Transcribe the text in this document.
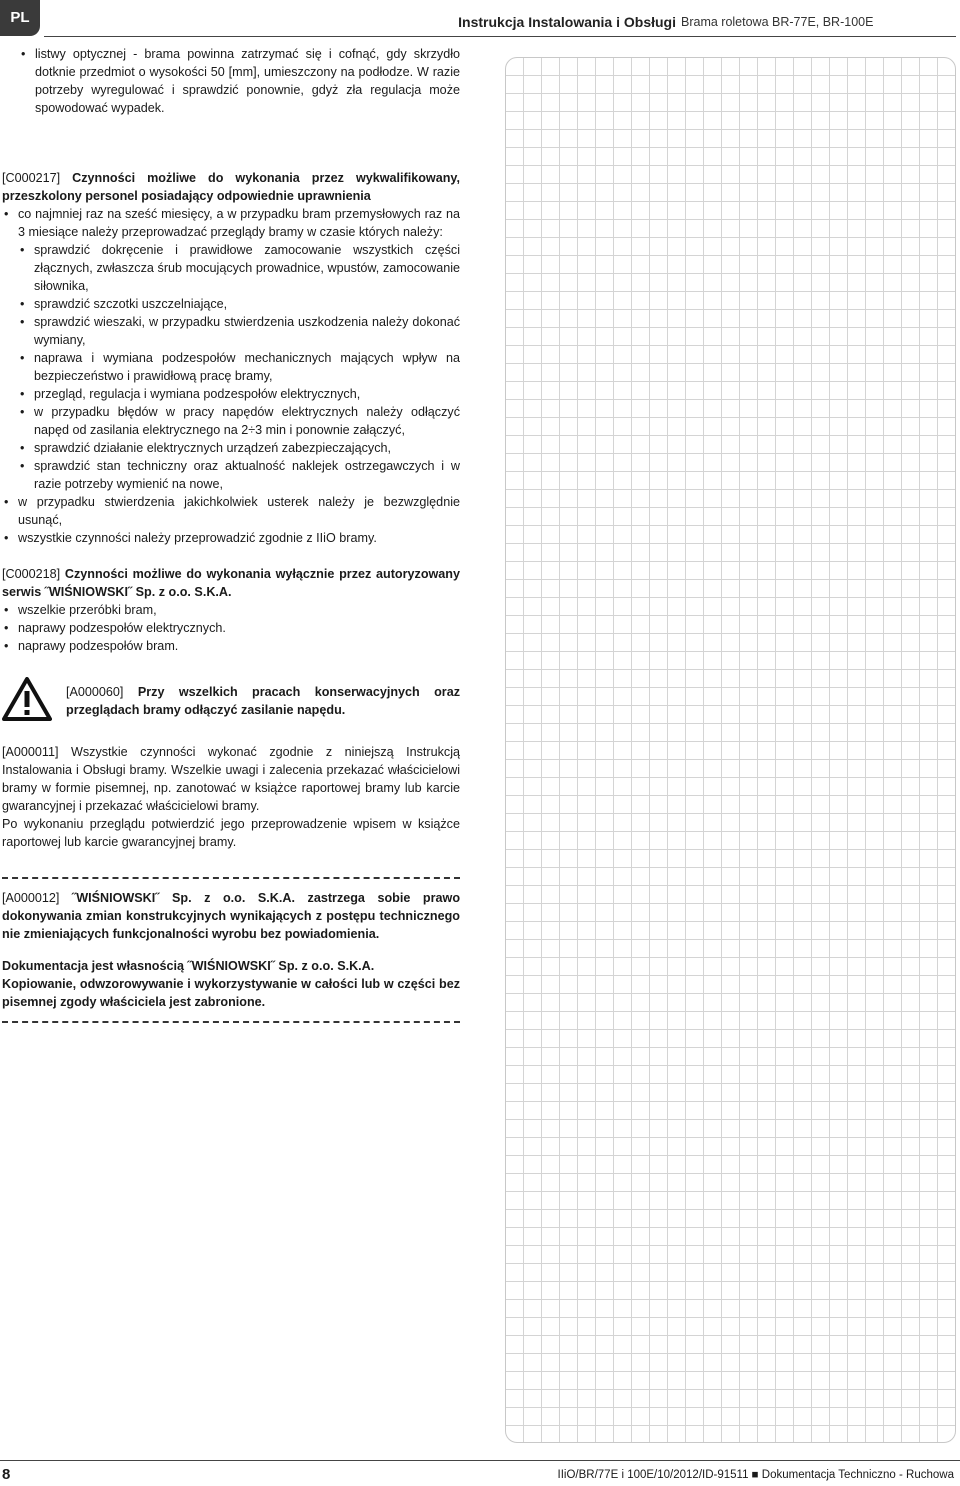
PL	Instrukcja Instalowania i Obsługi Brama roletowa BR-77E, BR-100E
• listwy optycznej - brama powinna zatrzymać się i cofnąć, gdy skrzydło dotknie przedmiot o wysokości 50 [mm], umieszczony na podłodze. W razie potrzeby wyregulować i sprawdzić ponownie, gdyż zła regulacja może spowodować wypadek.

[C000217] Czynności możliwe do wykonania przez wykwalifikowany, przeszkolony personel posiadający odpowiednie uprawnienia

• co najmniej raz na sześć miesięcy, a w przypadku bram przemysłowych raz na 3 miesiące należy przeprowadzać przeglądy bramy w czasie których należy:
• sprawdzić dokręcenie i prawidłowe zamocowanie wszystkich części złącznych, zwłaszcza śrub mocujących prowadnice, wpustów, zamocowanie siłownika,
• sprawdzić szczotki uszczelniające,
• sprawdzić wieszaki, w przypadku stwierdzenia uszkodzenia należy dokonać wymiany,
• naprawa i wymiana podzespołów mechanicznych mających wpływ na bezpieczeństwo i prawidłową pracę bramy,
• przegląd, regulacja i wymiana podzespołów elektrycznych,
• w przypadku błędów w pracy napędów elektrycznych należy odłączyć napęd od zasilania elektrycznego na 2÷3 min i ponownie załączyć,
• sprawdzić działanie elektrycznych urządzeń zabezpieczających,
• sprawdzić stan techniczny oraz aktualność naklejek ostrzegawczych i w razie potrzeby wymienić na nowe,
• w przypadku stwierdzenia jakichkolwiek usterek należy je bezwzględnie usunąć,
• wszystkie czynności należy przeprowadzić zgodnie z IIiO bramy.

[C000218] Czynności możliwe do wykonania wyłącznie przez autoryzowany serwis ˝WIŚNIOWSKI˝ Sp. z o.o. S.K.A.

• wszelkie przeróbki bram,
• naprawy podzespołów elektrycznych.
• naprawy podzespołów bram.

[A000060] Przy wszelkich pracach konserwacyjnych oraz przeglądach bramy odłączyć zasilanie napędu.

[A000011] Wszystkie czynności wykonać zgodnie z niniejszą Instrukcją Instalowania i Obsługi bramy. Wszelkie uwagi i zalecenia przekazać właścicielowi bramy w formie pisemnej, np. zanotować w książce raportowej bramy lub karcie gwarancyjnej i przekazać właścicielowi bramy.

Po wykonaniu przeglądu potwierdzić jego przeprowadzenie wpisem w książce raportowej lub karcie gwarancyjnej bramy.

[A000012] ˝WIŚNIOWSKI˝ Sp. z o.o. S.K.A. zastrzega sobie prawo dokonywania zmian konstrukcyjnych wynikających z postępu technicznego nie zmieniających funkcjonalności wyrobu bez powiadomienia.

Dokumentacja jest własnością ˝WIŚNIOWSKI˝ Sp. z o.o. S.K.A.

Kopiowanie, odwzorowywanie i wykorzystywanie w całości lub w części bez pisemnej zgody właściciela jest zabronione.

8	IIiO/BR/77E i 100E/10/2012/ID-91511 ■ Dokumentacja Techniczno - Ruchowa
